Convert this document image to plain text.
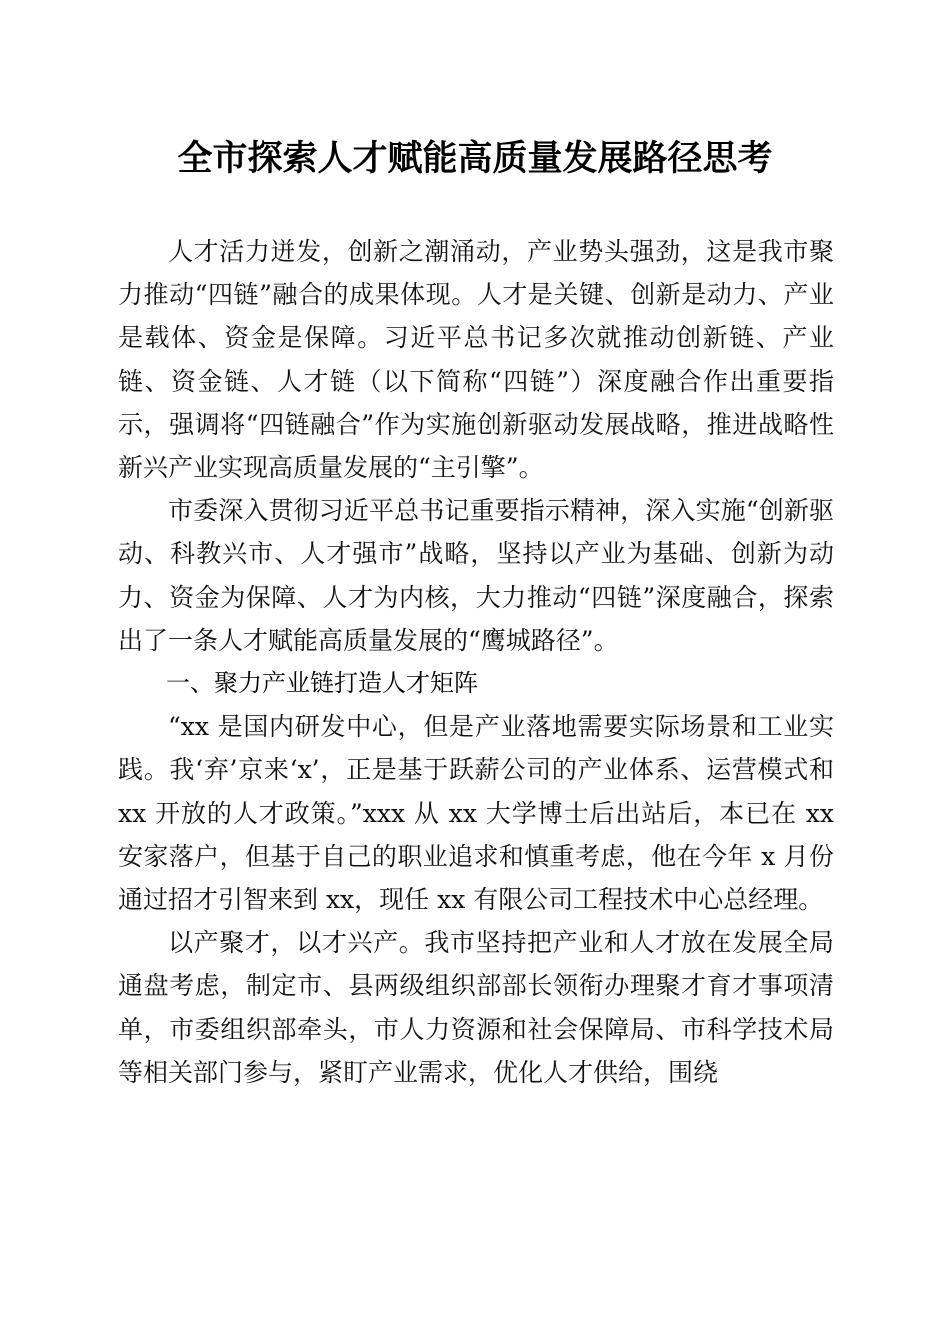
全市探索人才赋能高质量发展路径思考

人才活力迸发，创新之潮涌动，产业势头强劲，这是我市聚力推动“四链”融合的成果体现。人才是关键、创新是动力、产业是载体、资金是保障。习近平总书记多次就推动创新链、产业链、资金链、人才链（以下简称“四链”）深度融合作出重要指示，强调将“四链融合”作为实施创新驱动发展战略，推进战略性新兴产业实现高质量发展的“主引擎”。

市委深入贯彻习近平总书记重要指示精神，深入实施“创新驱动、科教兴市、人才强市”战略，坚持以产业为基础、创新为动力、资金为保障、人才为内核，大力推动“四链”深度融合，探索出了一条人才赋能高质量发展的“鹰城路径”。

一、聚力产业链打造人才矩阵

“xx 是国内研发中心，但是产业落地需要实际场景和工业实践。我‘弃’京来‘x’，正是基于跃薪公司的产业体系、运营模式和 xx 开放的人才政策。”xxx 从 xx 大学博士后出站后，本已在 xx 安家落户，但基于自己的职业追求和慎重考虑，他在今年 x 月份通过招才引智来到 xx，现任 xx 有限公司工程技术中心总经理。

以产聚才，以才兴产。我市坚持把产业和人才放在发展全局通盘考虑，制定市、县两级组织部部长领衔办理聚才育才事项清单，市委组织部牵头，市人力资源和社会保障局、市科学技术局等相关部门参与，紧盯产业需求，优化人才供给，围绕
